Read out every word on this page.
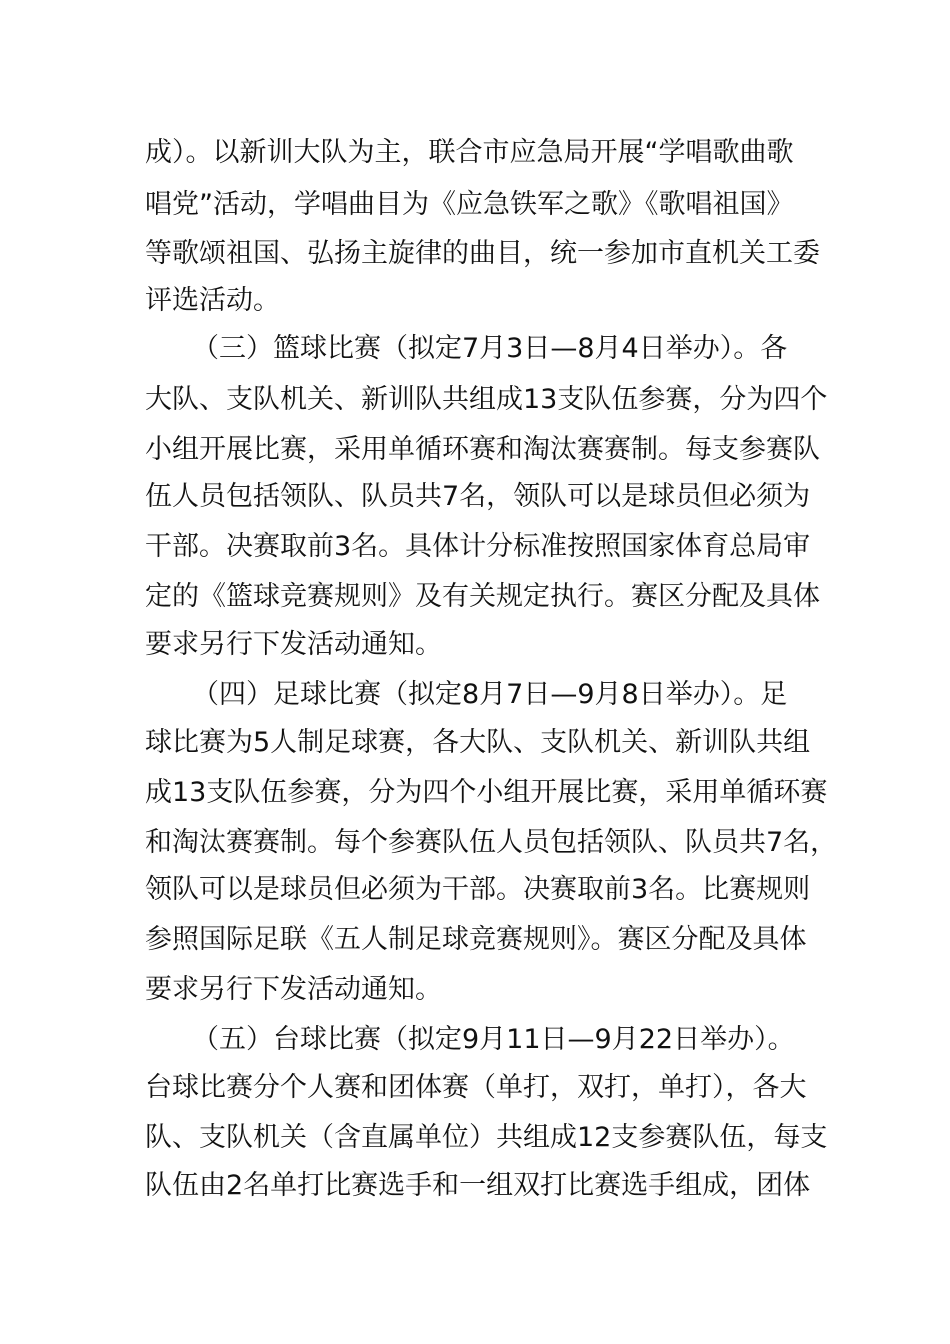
成）。以新训大队为主，联合市应急局开展“学唱歌曲歌
唱党”活动，学唱曲目为《应急铁军之歌》《歌唱祖国》
等歌颂祖国、弘扬主旋律的曲目，统一参加市直机关工委
评选活动。
（三）篮球比赛（拟定7月3日—8月4日举办）。各
大队、支队机关、新训队共组成13支队伍参赛，分为四个
小组开展比赛，采用单循环赛和淘汰赛赛制。每支参赛队
伍人员包括领队、队员共7名，领队可以是球员但必须为
干部。决赛取前3名。具体计分标准按照国家体育总局审
定的《篮球竞赛规则》及有关规定执行。赛区分配及具体
要求另行下发活动通知。
（四）足球比赛（拟定8月7日—9月8日举办）。足
球比赛为5人制足球赛，各大队、支队机关、新训队共组
成13支队伍参赛，分为四个小组开展比赛，采用单循环赛
和淘汰赛赛制。每个参赛队伍人员包括领队、队员共7名，
领队可以是球员但必须为干部。决赛取前3名。比赛规则
参照国际足联《五人制足球竞赛规则》。赛区分配及具体
要求另行下发活动通知。
（五）台球比赛（拟定9月11日—9月22日举办）。
台球比赛分个人赛和团体赛（单打，双打，单打），各大
队、支队机关（含直属单位）共组成12支参赛队伍，每支
队伍由2名单打比赛选手和一组双打比赛选手组成，团体
